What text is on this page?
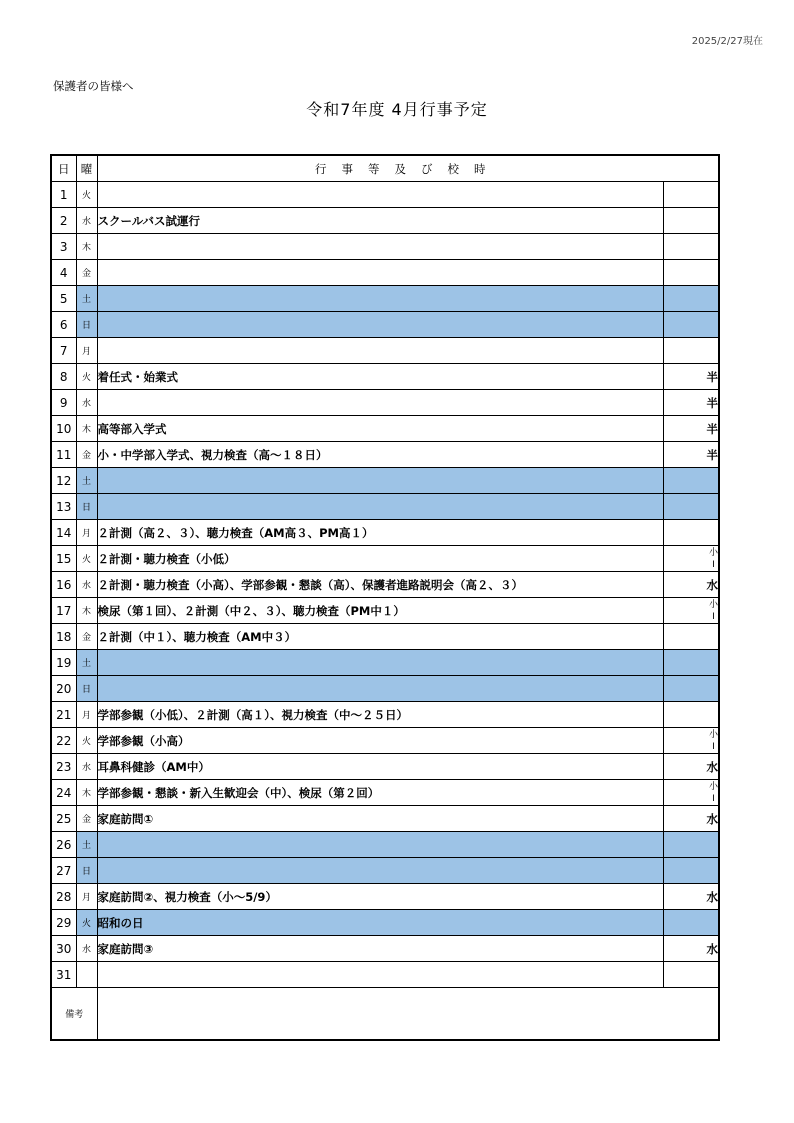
2025/2/27現在
保護者の皆様へ
令和7年度 4月行事予定
日	曜	行事等及び校時	
1	火		
2	水	スクールバス試運行	
3	木		
4	金		
5	土		
6	日		
7	月		
8	火	着任式・始業式	半
9	水		半
10	木	高等部入学式	半
11	金	小・中学部入学式、視力検査（高～１８日）	半
12	土		
13	日		
14	月	２計測（高２、３）、聴力検査（AM高３、PM高１）	
15	火	２計測・聴力検査（小低）	小
Ⅰ

16	水	２計測・聴力検査（小高）、学部参観・懇談（高）、保護者進路説明会（高２、３）	水
17	木	検尿（第１回）、２計測（中２、３）、聴力検査（PM中１）	小
Ⅰ

18	金	２計測（中１）、聴力検査（AM中３）	
19	土		
20	日		
21	月	学部参観（小低）、２計測（高１）、視力検査（中～２５日）	
22	火	学部参観（小高）	小
Ⅰ

23	水	耳鼻科健診（AM中）	水
24	木	学部参観・懇談・新入生歓迎会（中）、検尿（第２回）	小
Ⅰ

25	金	家庭訪問①	水
26	土		
27	日		
28	月	家庭訪問②、視力検査（小～5/9）	水
29	火	昭和の日	
30	水	家庭訪問③	水
31			
備考			
